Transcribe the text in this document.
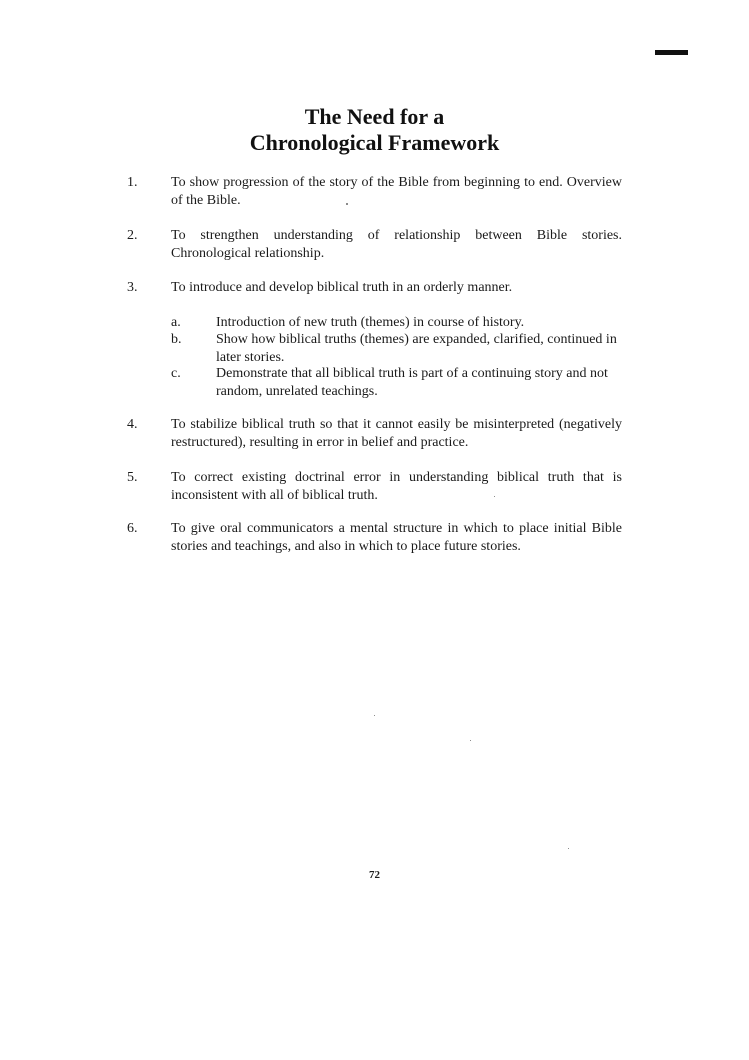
The Need for a
Chronological Framework
1. To show progression of the story of the Bible from beginning to end. Overview of the Bible.
2. To strengthen understanding of relationship between Bible stories. Chronological relationship.
3. To introduce and develop biblical truth in an orderly manner.
a.	Introduction of new truth (themes) in course of history.
b. Show how biblical truths (themes) are expanded, clarified, continued in later stories.
c.	Demonstrate that all biblical truth is part of a continuing story and not random, unrelated teachings.
4. To stabilize biblical truth so that it cannot easily be misinterpreted (negatively restructured), resulting in error in belief and practice.
5. To correct existing doctrinal error in understanding biblical truth that is inconsistent with all of biblical truth.
6. To give oral communicators a mental structure in which to place initial Bible stories and teachings, and also in which to place future stories.
72
